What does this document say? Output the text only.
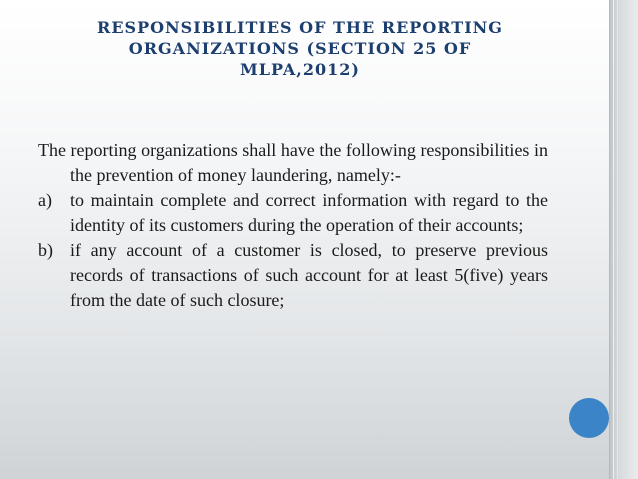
RESPONSIBILITIES OF THE REPORTING
ORGANIZATIONS (SECTION 25 OF
MLPA,2012)

The reporting organizations shall have the following responsibilities in the prevention of money laundering, namely:-

a) to maintain complete and correct information with regard to the identity of its customers during the operation of their accounts;

b) if any account of a customer is closed, to preserve previous records of transactions of such account for at least 5(five) years from the date of such closure;
